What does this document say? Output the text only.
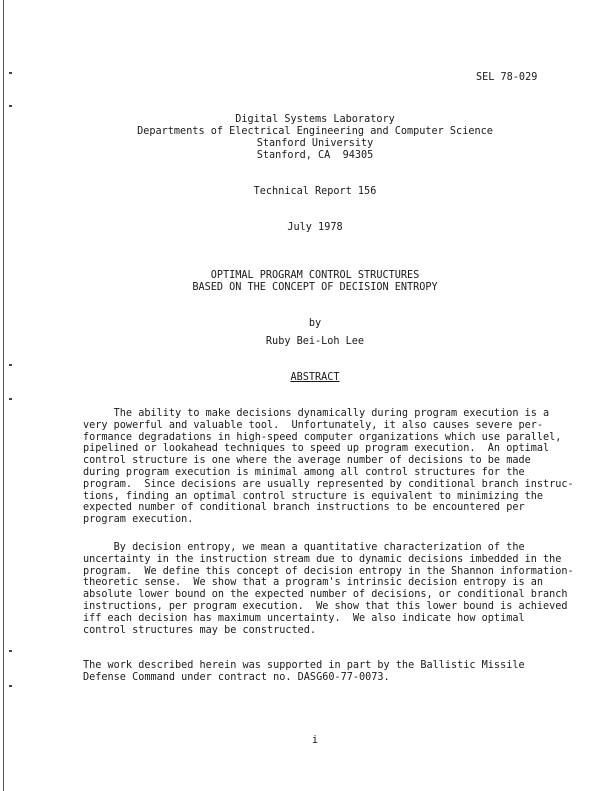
SEL 78-029
Digital Systems Laboratory
Departments of Electrical Engineering and Computer Science
Stanford University
Stanford, CA  94305
Technical Report 156
July 1978
OPTIMAL PROGRAM CONTROL STRUCTURES
BASED ON THE CONCEPT OF DECISION ENTROPY
by
Ruby Bei-Loh Lee
ABSTRACT
The ability to make decisions dynamically during program execution is a
very powerful and valuable tool.  Unfortunately, it also causes severe per-
formance degradations in high-speed computer organizations which use parallel,
pipelined or lookahead techniques to speed up program execution.  An optimal
control structure is one where the average number of decisions to be made
during program execution is minimal among all control structures for the
program.  Since decisions are usually represented by conditional branch instruc-
tions, finding an optimal control structure is equivalent to minimizing the
expected number of conditional branch instructions to be encountered per
program execution.
By decision entropy, we mean a quantitative characterization of the
uncertainty in the instruction stream due to dynamic decisions imbedded in the
program.  We define this concept of decision entropy in the Shannon information-
theoretic sense.  We show that a program's intrinsic decision entropy is an
absolute lower bound on the expected number of decisions, or conditional branch
instructions, per program execution.  We show that this lower bound is achieved
iff each decision has maximum uncertainty.  We also indicate how optimal
control structures may be constructed.
The work described herein was supported in part by the Ballistic Missile
Defense Command under contract no. DASG60-77-0073.
i
